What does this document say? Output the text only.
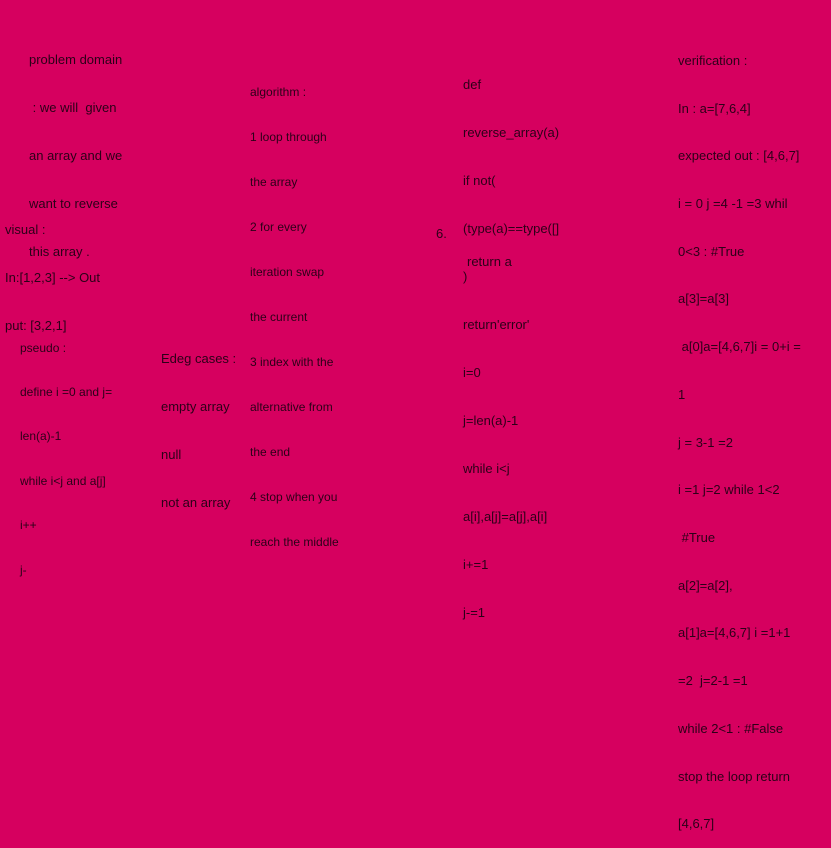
problem domain

: we will  given

an array and we

want to reverse

this array .

visual :

In:[1,2,3] --> Out

put: [3,2,1]

algorithm :

1 loop through

the array

2 for every

iteration swap

the current

3 index with the

alternative from

the end

4 stop when you

reach the middle

def

reverse_array(a)

if not(

(type(a)==type([]

)

return'error'

i=0

j=len(a)-1

while i<j

a[i],a[j]=a[j],a[i]

i+=1

j-=1

6.
return a

verification :

In : a=[7,6,4]

expected out : [4,6,7]

i = 0 j =4 -1 =3 whil

0<3 : #True

a[3]=a[3]

a[0]a=[4,6,7]i = 0+i =

1

j = 3-1 =2

i =1 j=2 while 1<2

#True

a[2]=a[2],

a[1]a=[4,6,7] i =1+1

=2  j=2-1 =1

while 2<1 : #False

stop the loop return

[4,6,7]

pseudo :

define i =0 and j=

len(a)-1

while i<j and a[j]

i++

j-

Edeg cases :

empty array

null

not an array
